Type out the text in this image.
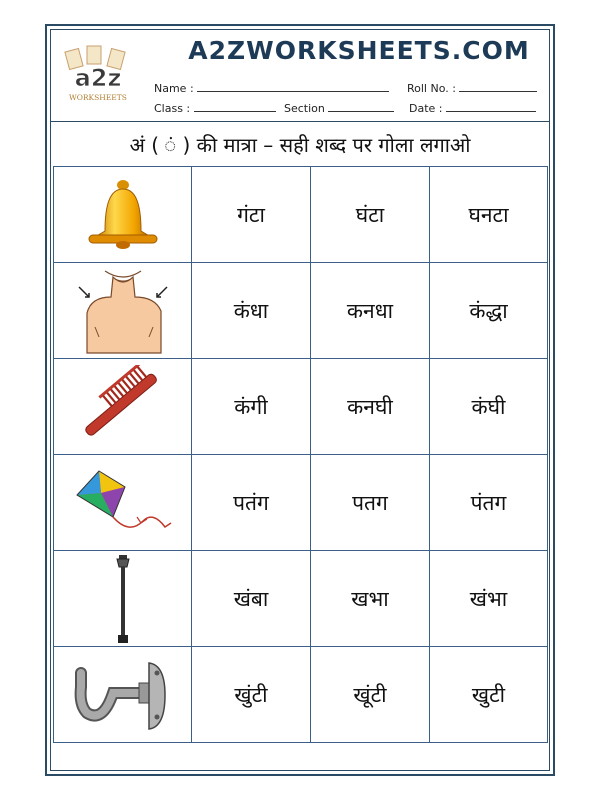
a2z
WORKSHEETS
A2ZWORKSHEETS.COM
Name :	Roll No. :
Class :	Section	Date :
अं ( ं ) की मात्रा – सही शब्द पर गोला लगाओ
	गंटा	घंटा	घनटा

	कंधा	कनधा	कंद्धा

	कंगी	कनघी	कंघी

	पतंग	पतग	पंतग

	खंबा	खभा	खंभा

	खुंटी	खूंटी	खुटी
